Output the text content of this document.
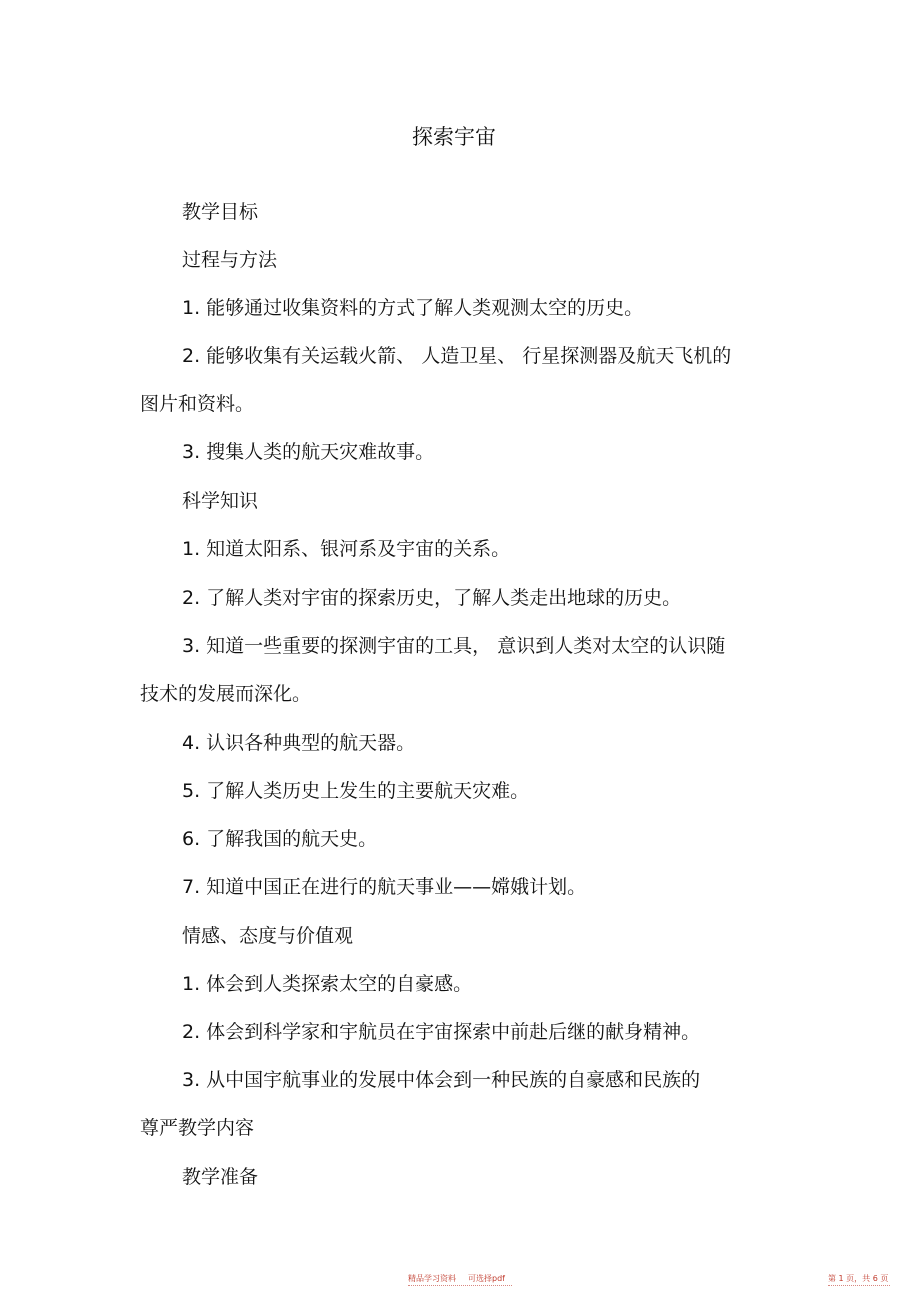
探索宇宙
教学目标
过程与方法
1. 能够通过收集资料的方式了解人类观测太空的历史。
2. 能够收集有关运载火箭、 人造卫星、 行星探测器及航天飞机的
图片和资料。
3. 搜集人类的航天灾难故事。
科学知识
1. 知道太阳系、银河系及宇宙的关系。
2. 了解人类对宇宙的探索历史，了解人类走出地球的历史。
3. 知道一些重要的探测宇宙的工具， 意识到人类对太空的认识随
技术的发展而深化。
4. 认识各种典型的航天器。
5. 了解人类历史上发生的主要航天灾难。
6. 了解我国的航天史。
7. 知道中国正在进行的航天事业——嫦娥计划。
情感、态度与价值观
1. 体会到人类探索太空的自豪感。
2. 体会到科学家和宇航员在宇宙探索中前赴后继的献身精神。
3. 从中国宇航事业的发展中体会到一种民族的自豪感和民族的
尊严教学内容
教学准备
精品学习资料 可选择pdf	第 1 页，共 6 页
